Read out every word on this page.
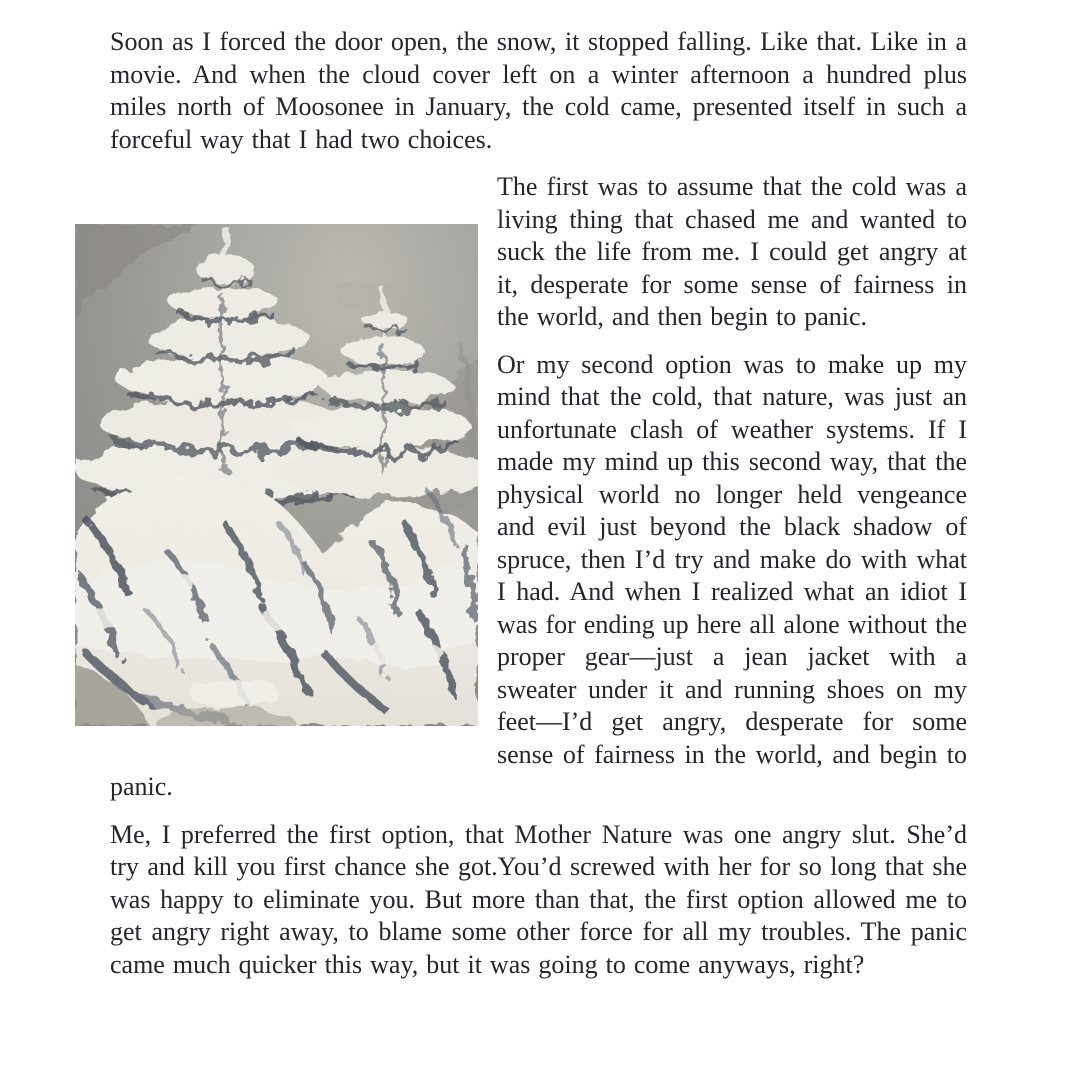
Soon as I forced the door open, the snow, it stopped falling. Like that. Like in a movie. And when the cloud cover left on a winter afternoon a hundred plus miles north of Moosonee in January, the cold came, presented itself in such a forceful way that I had two choices.

The first was to assume that the cold was a living thing that chased me and wanted to suck the life from me. I could get angry at it, desperate for some sense of fairness in the world, and then begin to panic.

Or my second option was to make up my mind that the cold, that nature, was just an unfortunate clash of weather systems. If I made my mind up this second way, that the physical world no longer held vengeance and evil just beyond the black shadow of spruce, then I’d try and make do with what I had. And when I realized what an idiot I was for ending up here all alone without the proper gear—just a jean jacket with a sweater under it and running shoes on my feet—I’d get angry, desperate for some sense of fairness in the world, and begin to panic.

Me, I preferred the first option, that Mother Nature was one angry slut. She’d try and kill you first chance she got.You’d screwed with her for so long that she was happy to eliminate you. But more than that, the first option allowed me to get angry right away, to blame some other force for all my troubles. The panic came much quicker this way, but it was going to come anyways, right?
